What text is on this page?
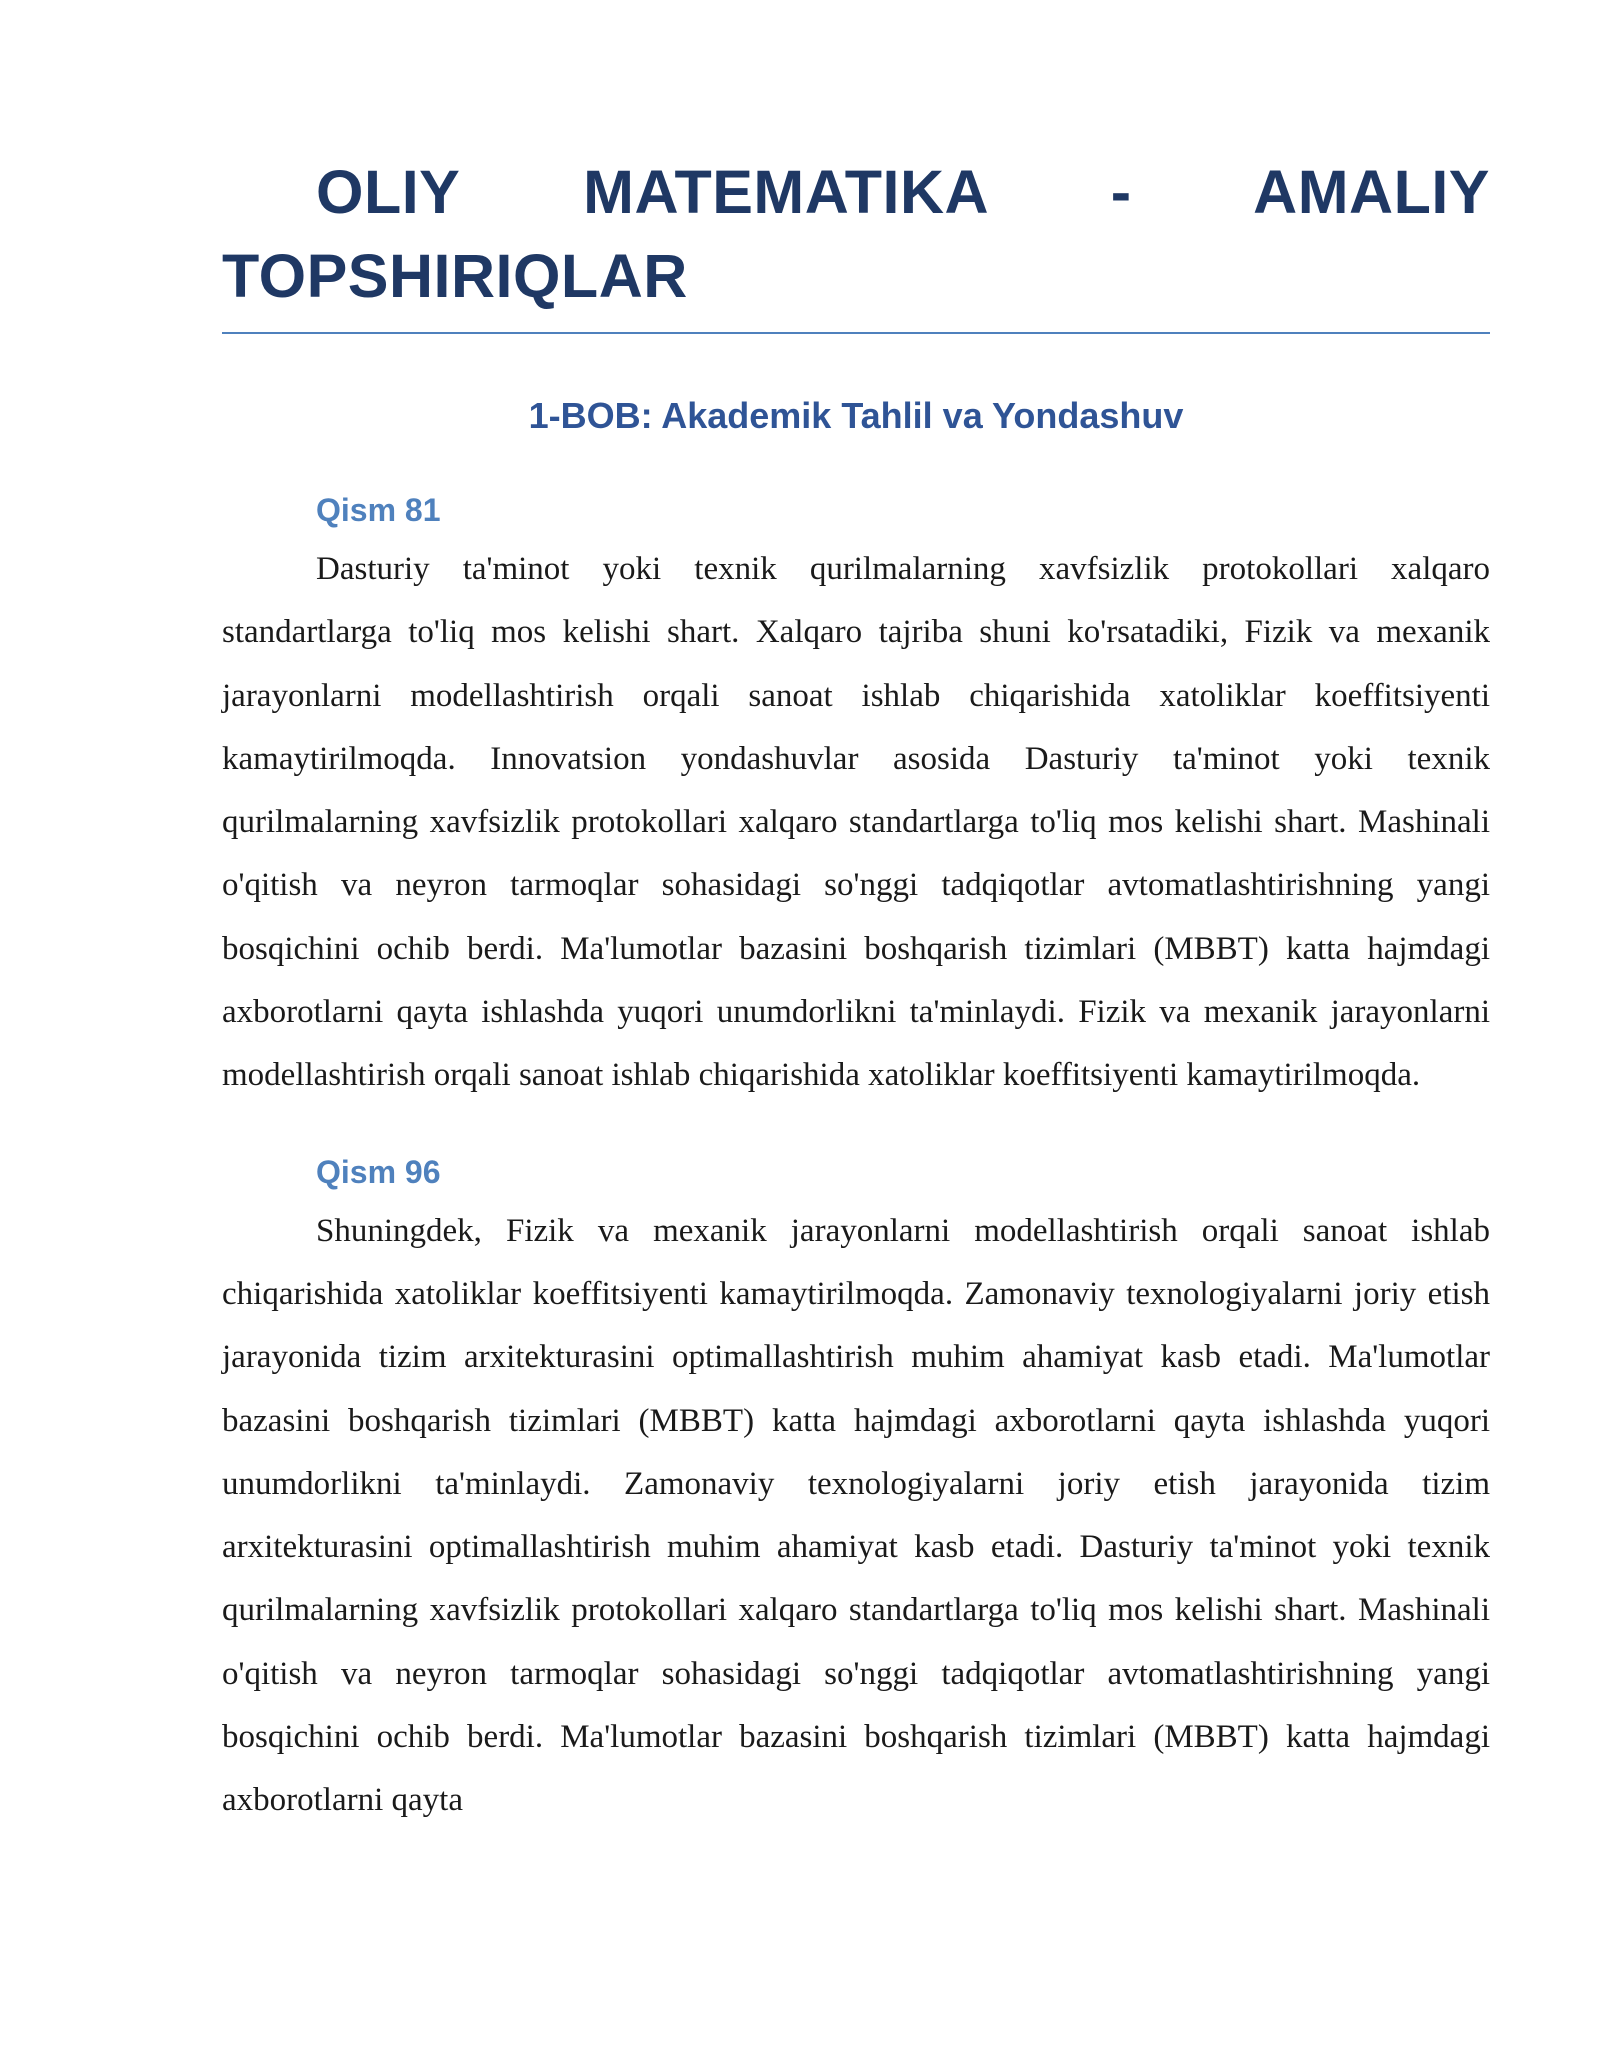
OLIY MATEMATIKA - AMALIY TOPSHIRIQLAR
1-BOB: Akademik Tahlil va Yondashuv
Qism 81

Dasturiy ta'minot yoki texnik qurilmalarning xavfsizlik protokollari xalqaro standartlarga to'liq mos kelishi shart. Xalqaro tajriba shuni ko'rsatadiki, Fizik va mexanik jarayonlarni modellashtirish orqali sanoat ishlab chiqarishida xatoliklar koeffitsiyenti kamaytirilmoqda. Innovatsion yondashuvlar asosida Dasturiy ta'minot yoki texnik qurilmalarning xavfsizlik protokollari xalqaro standartlarga to'liq mos kelishi shart. Mashinali o'qitish va neyron tarmoqlar sohasidagi so'nggi tadqiqotlar avtomatlashtirishning yangi bosqichini ochib berdi. Ma'lumotlar bazasini boshqarish tizimlari (MBBT) katta hajmdagi axborotlarni qayta ishlashda yuqori unumdorlikni ta'minlaydi. Fizik va mexanik jarayonlarni modellashtirish orqali sanoat ishlab chiqarishida xatoliklar koeffitsiyenti kamaytirilmoqda.

Qism 96

Shuningdek, Fizik va mexanik jarayonlarni modellashtirish orqali sanoat ishlab chiqarishida xatoliklar koeffitsiyenti kamaytirilmoqda. Zamonaviy texnologiyalarni joriy etish jarayonida tizim arxitekturasini optimallashtirish muhim ahamiyat kasb etadi. Ma'lumotlar bazasini boshqarish tizimlari (MBBT) katta hajmdagi axborotlarni qayta ishlashda yuqori unumdorlikni ta'minlaydi. Zamonaviy texnologiyalarni joriy etish jarayonida tizim arxitekturasini optimallashtirish muhim ahamiyat kasb etadi. Dasturiy ta'minot yoki texnik qurilmalarning xavfsizlik protokollari xalqaro standartlarga to'liq mos kelishi shart. Mashinali o'qitish va neyron tarmoqlar sohasidagi so'nggi tadqiqotlar avtomatlashtirishning yangi bosqichini ochib berdi. Ma'lumotlar bazasini boshqarish tizimlari (MBBT) katta hajmdagi axborotlarni qayta
